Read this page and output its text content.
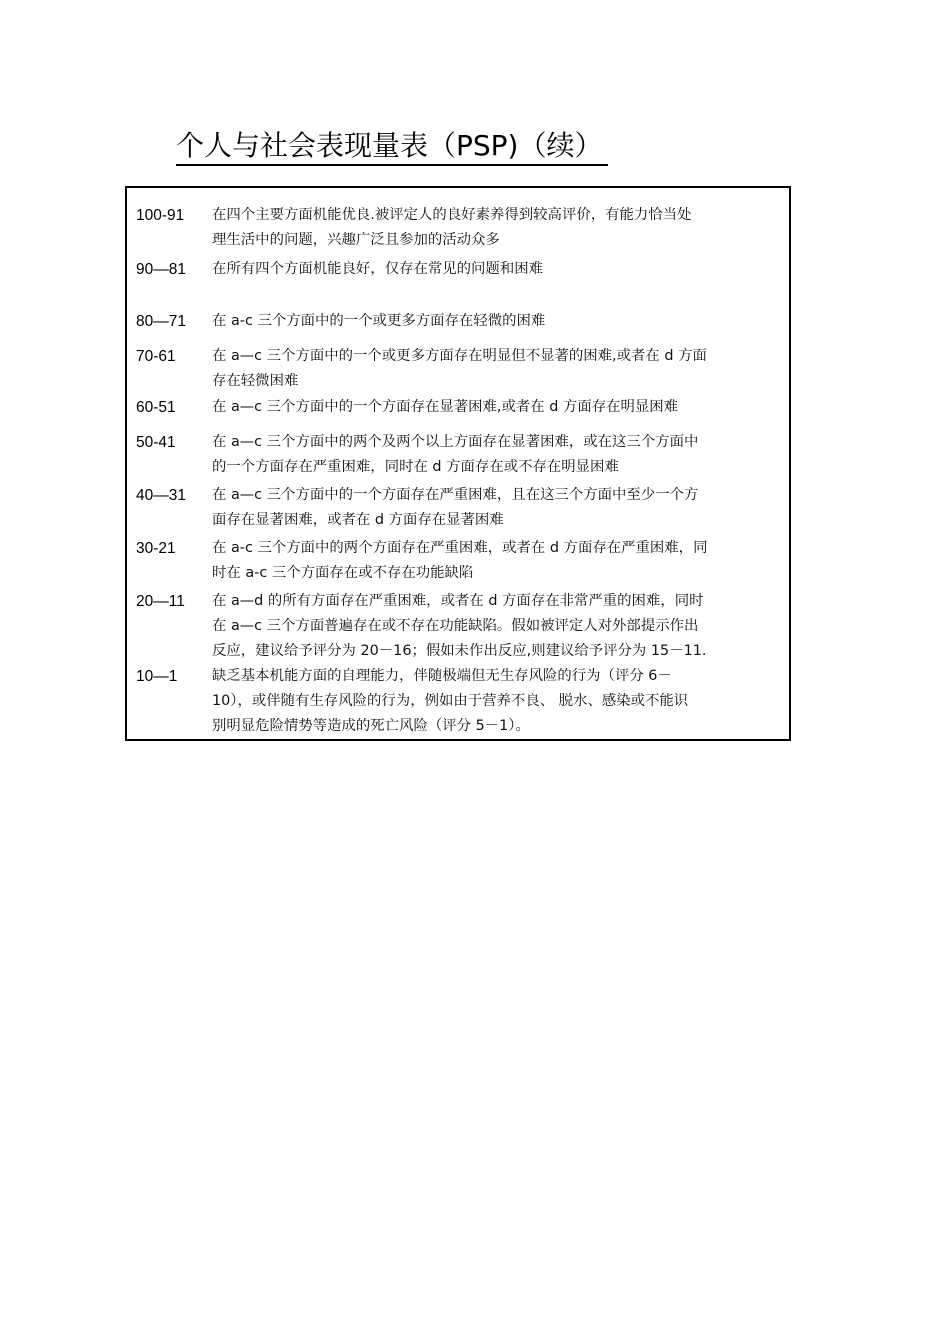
个人与社会表现量表（PSP)（续）
100-91 在四个主要方面机能优良.被评定人的良好素养得到较高评价，有能力恰当处
理生活中的问题，兴趣广泛且参加的活动众多
90—81 在所有四个方面机能良好，仅存在常见的问题和困难
80—71 在 a-c 三个方面中的一个或更多方面存在轻微的困难
70-61	在 a—c 三个方面中的一个或更多方面存在明显但不显著的困难,或者在 d 方面
存在轻微困难
60-51	在 a—c 三个方面中的一个方面存在显著困难,或者在 d 方面存在明显困难
50-41	在 a—c 三个方面中的两个及两个以上方面存在显著困难，或在这三个方面中
的一个方面存在严重困难，同时在 d 方面存在或不存在明显困难
40—31 在 a—c 三个方面中的一个方面存在严重困难，且在这三个方面中至少一个方
面存在显著困难，或者在 d 方面存在显著困难
30-21	在 a-c 三个方面中的两个方面存在严重困难，或者在 d 方面存在严重困难，同
时在 a-c 三个方面存在或不存在功能缺陷
20—11 在 a—d 的所有方面存在严重困难，或者在 d 方面存在非常严重的困难，同时
在 a—c 三个方面普遍存在或不存在功能缺陷。假如被评定人对外部提示作出
反应，建议给予评分为 20－16；假如未作出反应,则建议给予评分为 15－11.
10—1 缺乏基本机能方面的自理能力，伴随极端但无生存风险的行为（评分 6－
10），或伴随有生存风险的行为，例如由于营养不良、 脱水、感染或不能识
别明显危险情势等造成的死亡风险（评分 5－1）。
